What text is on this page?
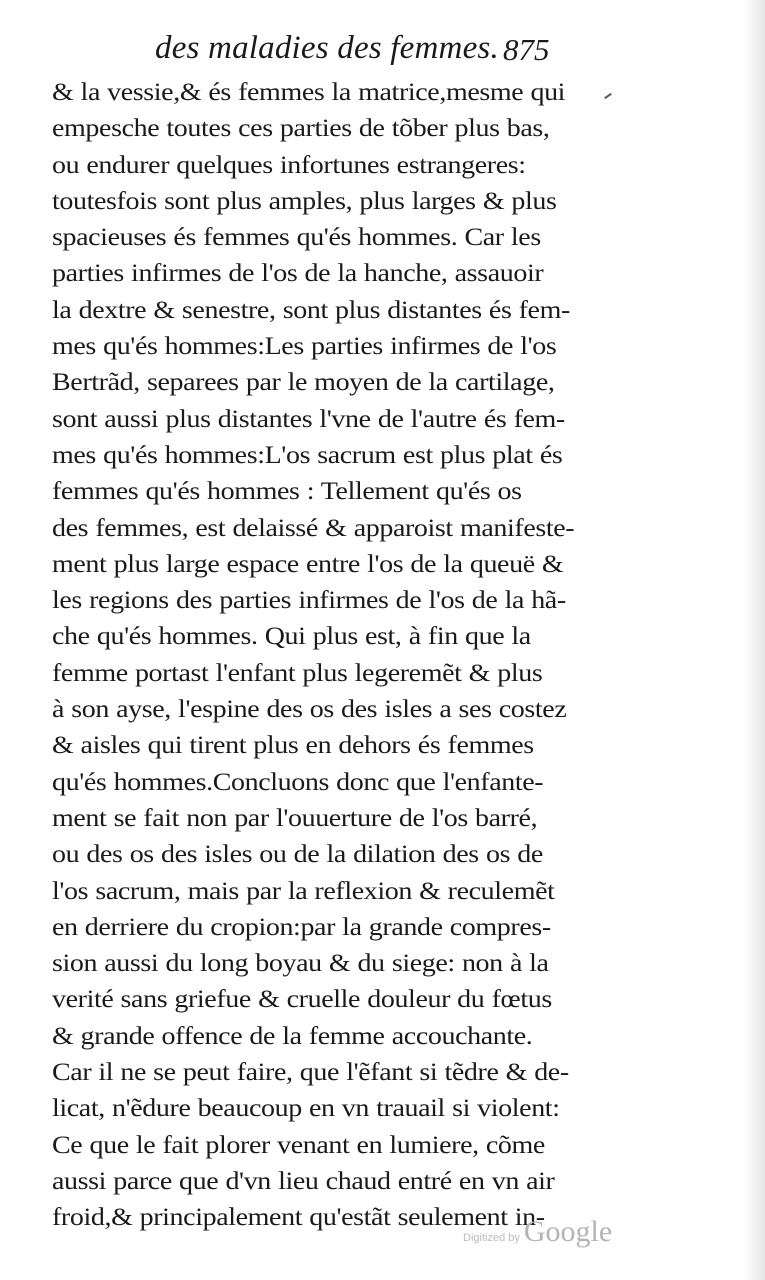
des maladies des femmes. 875
& la vessie,& és femmes la matrice,mesme qui
empesche toutes ces parties de tõber plus bas,
ou endurer quelques infortunes estrangeres:
toutesfois sont plus amples, plus larges & plus
spacieuses és femmes qu'és hommes. Car les
parties infirmes de l'os de la hanche, assauoir
la dextre & senestre, sont plus distantes és fem-
mes qu'és hommes:Les parties infirmes de l'os
Bertrãd, separees par le moyen de la cartilage,
sont aussi plus distantes l'vne de l'autre és fem-
mes qu'és hommes:L'os sacrum est plus plat és
femmes qu'és hommes : Tellement qu'és os
des femmes, est delaissé & apparoist manifeste-
ment plus large espace entre l'os de la queuë &
les regions des parties infirmes de l'os de la hã-
che qu'és hommes. Qui plus est, à fin que la
femme portast l'enfant plus legeremẽt & plus
à son ayse, l'espine des os des isles a ses costez
& aisles qui tirent plus en dehors és femmes
qu'és hommes.Concluons donc que l'enfante-
ment se fait non par l'ouuerture de l'os barré,
ou des os des isles ou de la dilation des os de
l'os sacrum, mais par la reflexion & reculemẽt
en derriere du cropion:par la grande compres-
sion aussi du long boyau & du siege: non à la
verité sans griefue & cruelle douleur du fœtus
& grande offence de la femme accouchante.
Car il ne se peut faire, que l'ẽfant si tẽdre & de-
licat, n'ẽdure beaucoup en vn trauail si violent:
Ce que le fait plorer venant en lumiere, cõme
aussi parce que d'vn lieu chaud entré en vn air
froid,& principalement qu'estãt seulement in-
Digitized by Google
